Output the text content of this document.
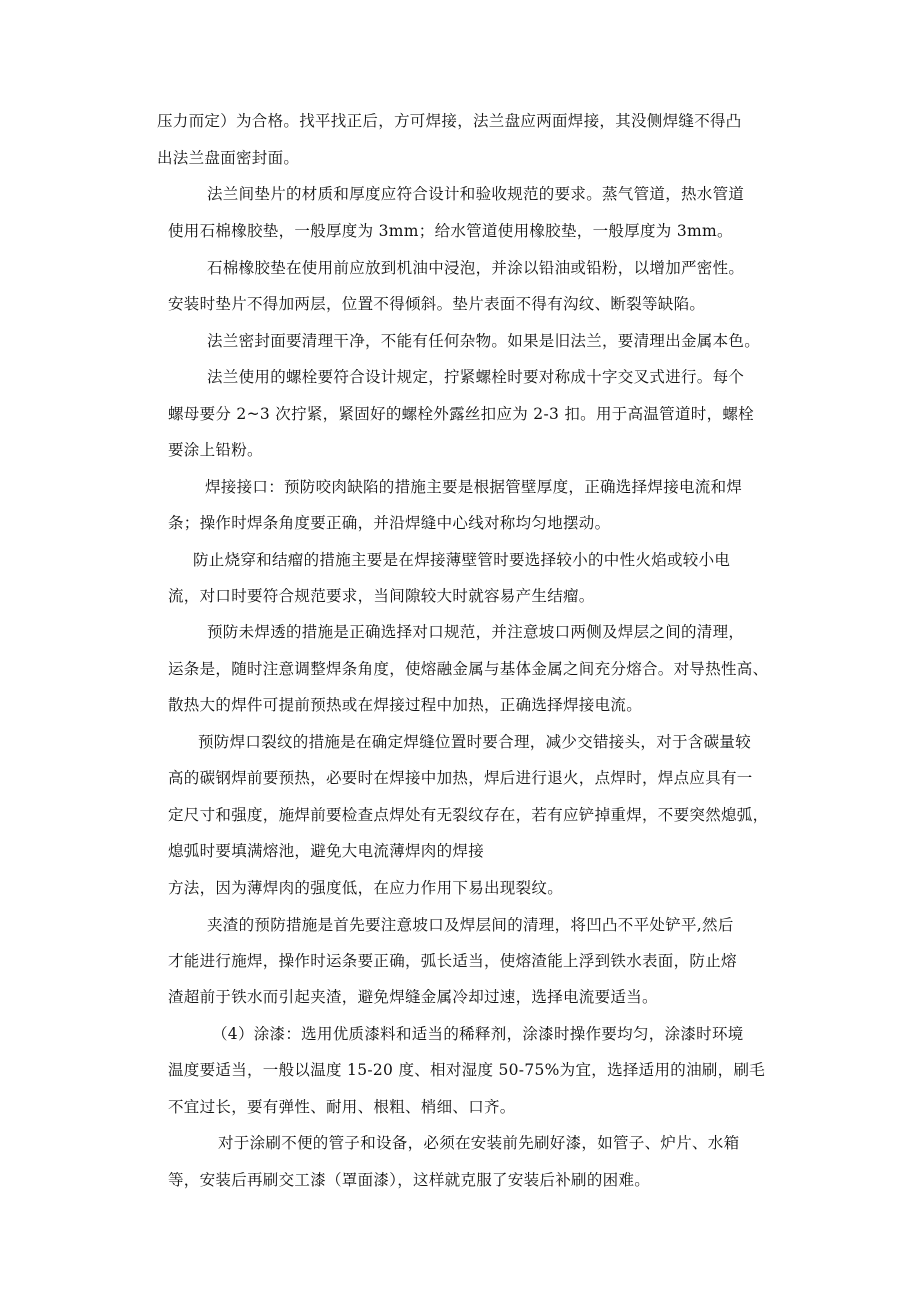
压力而定）为合格。找平找正后，方可焊接，法兰盘应两面焊接，其没侧焊缝不得凸

出法兰盘面密封面。

法兰间垫片的材质和厚度应符合设计和验收规范的要求。蒸气管道，热水管道

使用石棉橡胶垫，一般厚度为 3mm；给水管道使用橡胶垫，一般厚度为 3mm。

石棉橡胶垫在使用前应放到机油中浸泡，并涂以铅油或铅粉，以增加严密性。

安装时垫片不得加两层，位置不得倾斜。垫片表面不得有沟纹、断裂等缺陷。

法兰密封面要清理干净，不能有任何杂物。如果是旧法兰，要清理出金属本色。

法兰使用的螺栓要符合设计规定，拧紧螺栓时要对称成十字交叉式进行。每个

螺母要分 2~3 次拧紧，紧固好的螺栓外露丝扣应为 2-3 扣。用于高温管道时，螺栓

要涂上铅粉。

焊接接口：预防咬肉缺陷的措施主要是根据管壁厚度，正确选择焊接电流和焊

条；操作时焊条角度要正确，并沿焊缝中心线对称均匀地摆动。

防止烧穿和结瘤的措施主要是在焊接薄壁管时要选择较小的中性火焰或较小电

流，对口时要符合规范要求，当间隙较大时就容易产生结瘤。

预防未焊透的措施是正确选择对口规范，并注意坡口两侧及焊层之间的清理，

运条是，随时注意调整焊条角度，使熔融金属与基体金属之间充分熔合。对导热性高、

散热大的焊件可提前预热或在焊接过程中加热，正确选择焊接电流。

预防焊口裂纹的措施是在确定焊缝位置时要合理，减少交错接头，对于含碳量较

高的碳钢焊前要预热，必要时在焊接中加热，焊后进行退火，点焊时，焊点应具有一

定尺寸和强度，施焊前要检查点焊处有无裂纹存在，若有应铲掉重焊，不要突然熄弧，

熄弧时要填满熔池，避免大电流薄焊肉的焊接

方法，因为薄焊肉的强度低，在应力作用下易出现裂纹。

夹渣的预防措施是首先要注意坡口及焊层间的清理，将凹凸不平处铲平,然后

才能进行施焊，操作时运条要正确，弧长适当，使熔渣能上浮到铁水表面，防止熔

渣超前于铁水而引起夹渣，避免焊缝金属冷却过速，选择电流要适当。

（4）涂漆：选用优质漆料和适当的稀释剂，涂漆时操作要均匀，涂漆时环境

温度要适当，一般以温度 15-20 度、相对湿度 50-75%为宜，选择适用的油刷，刷毛

不宜过长，要有弹性、耐用、根粗、梢细、口齐。

对于涂刷不便的管子和设备，必须在安装前先刷好漆，如管子、炉片、水箱

等，安装后再刷交工漆（罩面漆），这样就克服了安装后补刷的困难。
